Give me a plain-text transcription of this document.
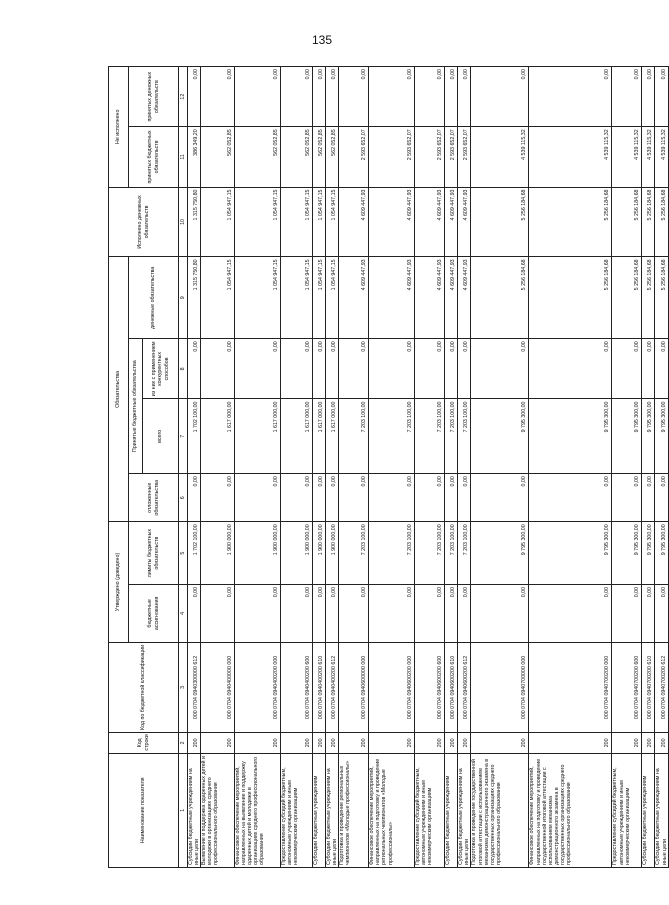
135
Наименование показателя	Код строки	Код по бюджетной классификации	Утверждено (доведено)		Обязательства				Исполнено денежных обязательств	Не исполнено	
			бюджетные ассигнования	лимиты бюджетных обязательств	отложенные обязательства	Принятые бюджетные обязательства		денежные обязательства		принятых бюджетных обязательств	принятых денежных обязательств
						всего	из них с применением конкурентных способов				
1	2	3	4	5	6	7	8	9	10	11	12
Субсидии бюджетным учреждениям на иные цели	200	000 0704 0940300000 612	0,00	1 702 100,00	0,00	1 702 100,00	0,00	1 315 750,80	1 315 750,80	386 349,20	0,00
Выявление и поддержка одаренных детей и молодежи в организациях среднего профессионального образования	200	000 0704 0940400000 000	0,00	1 900 000,00	0,00	1 617 000,00	0,00	1 054 947,15	1 054 947,15	562 052,85	0,00
Финансовое обеспечение мероприятий, направленных на выявление и поддержку одаренных детей и молодежи в организациях среднего профессионального образования	200	000 0704 0940400200 000	0,00	1 900 000,00	0,00	1 617 000,00	0,00	1 054 947,15	1 054 947,15	562 052,85	0,00
Предоставление субсидий бюджетным, автономным учреждениям и иным некоммерческим организациям	200	000 0704 0940400200 600	0,00	1 900 000,00	0,00	1 617 000,00	0,00	1 054 947,15	1 054 947,15	562 052,85	0,00
Субсидии бюджетным учреждениям	200	000 0704 0940400200 610	0,00	1 900 000,00	0,00	1 617 000,00	0,00	1 054 947,15	1 054 947,15	562 052,85	0,00
Субсидии бюджетным учреждениям на иные цели	200	000 0704 0940400200 612	0,00	1 900 000,00	0,00	1 617 000,00	0,00	1 054 947,15	1 054 947,15	562 052,85	0,00
Подготовка и проведение региональных чемпионатов «Молодые профессионалы»	200	000 0704 0940600000 000	0,00	7 203 100,00	0,00	7 203 100,00	0,00	4 609 447,93	4 609 447,93	2 593 652,07	0,00
Финансовое обеспечение мероприятий, направленных на подготовку и проведение региональных чемпионатов «Молодые профессионалы»	200	000 0704 0940600200 000	0,00	7 203 100,00	0,00	7 203 100,00	0,00	4 609 447,93	4 609 447,93	2 593 652,07	0,00
Предоставление субсидий бюджетным, автономным учреждениям и иным некоммерческим организациям	200	000 0704 0940600200 600	0,00	7 203 100,00	0,00	7 203 100,00	0,00	4 609 447,93	4 609 447,93	2 593 652,07	0,00
Субсидии бюджетным учреждениям	200	000 0704 0940600200 610	0,00	7 203 100,00	0,00	7 203 100,00	0,00	4 609 447,93	4 609 447,93	2 593 652,07	0,00
Субсидии бюджетным учреждениям на иные цели	200	000 0704 0940600200 612	0,00	7 203 100,00	0,00	7 203 100,00	0,00	4 609 447,93	4 609 447,93	2 593 652,07	0,00
Подготовка и проведение государственной итоговой аттестации с использованием механизма демонстрационного экзамена в государственных организациях среднего профессионального образования	200	000 0704 0940700000 000	0,00	9 795 300,00	0,00	9 795 300,00	0,00	5 256 184,68	5 256 184,68	4 539 115,32	0,00
Финансовое обеспечение мероприятий, направленных на подготовку и проведение государственной итоговой аттестации с использованием механизма демонстрационного экзамена в государственных организациях среднего профессионального образования	200	000 0704 0940700200 000	0,00	9 795 300,00	0,00	9 795 300,00	0,00	5 256 184,68	5 256 184,68	4 539 115,32	0,00
Предоставление субсидий бюджетным, автономным учреждениям и иным некоммерческим организациям	200	000 0704 0940700200 600	0,00	9 795 300,00	0,00	9 795 300,00	0,00	5 256 184,68	5 256 184,68	4 539 115,32	0,00
Субсидии бюджетным учреждениям	200	000 0704 0940700200 610	0,00	9 795 300,00	0,00	9 795 300,00	0,00	5 256 184,68	5 256 184,68	4 539 115,32	0,00
Субсидии бюджетным учреждениям на иные цели	200	000 0704 0940700200 612	0,00	9 795 300,00	0,00	9 795 300,00	0,00	5 256 184,68	5 256 184,68	4 539 115,32	0,00
